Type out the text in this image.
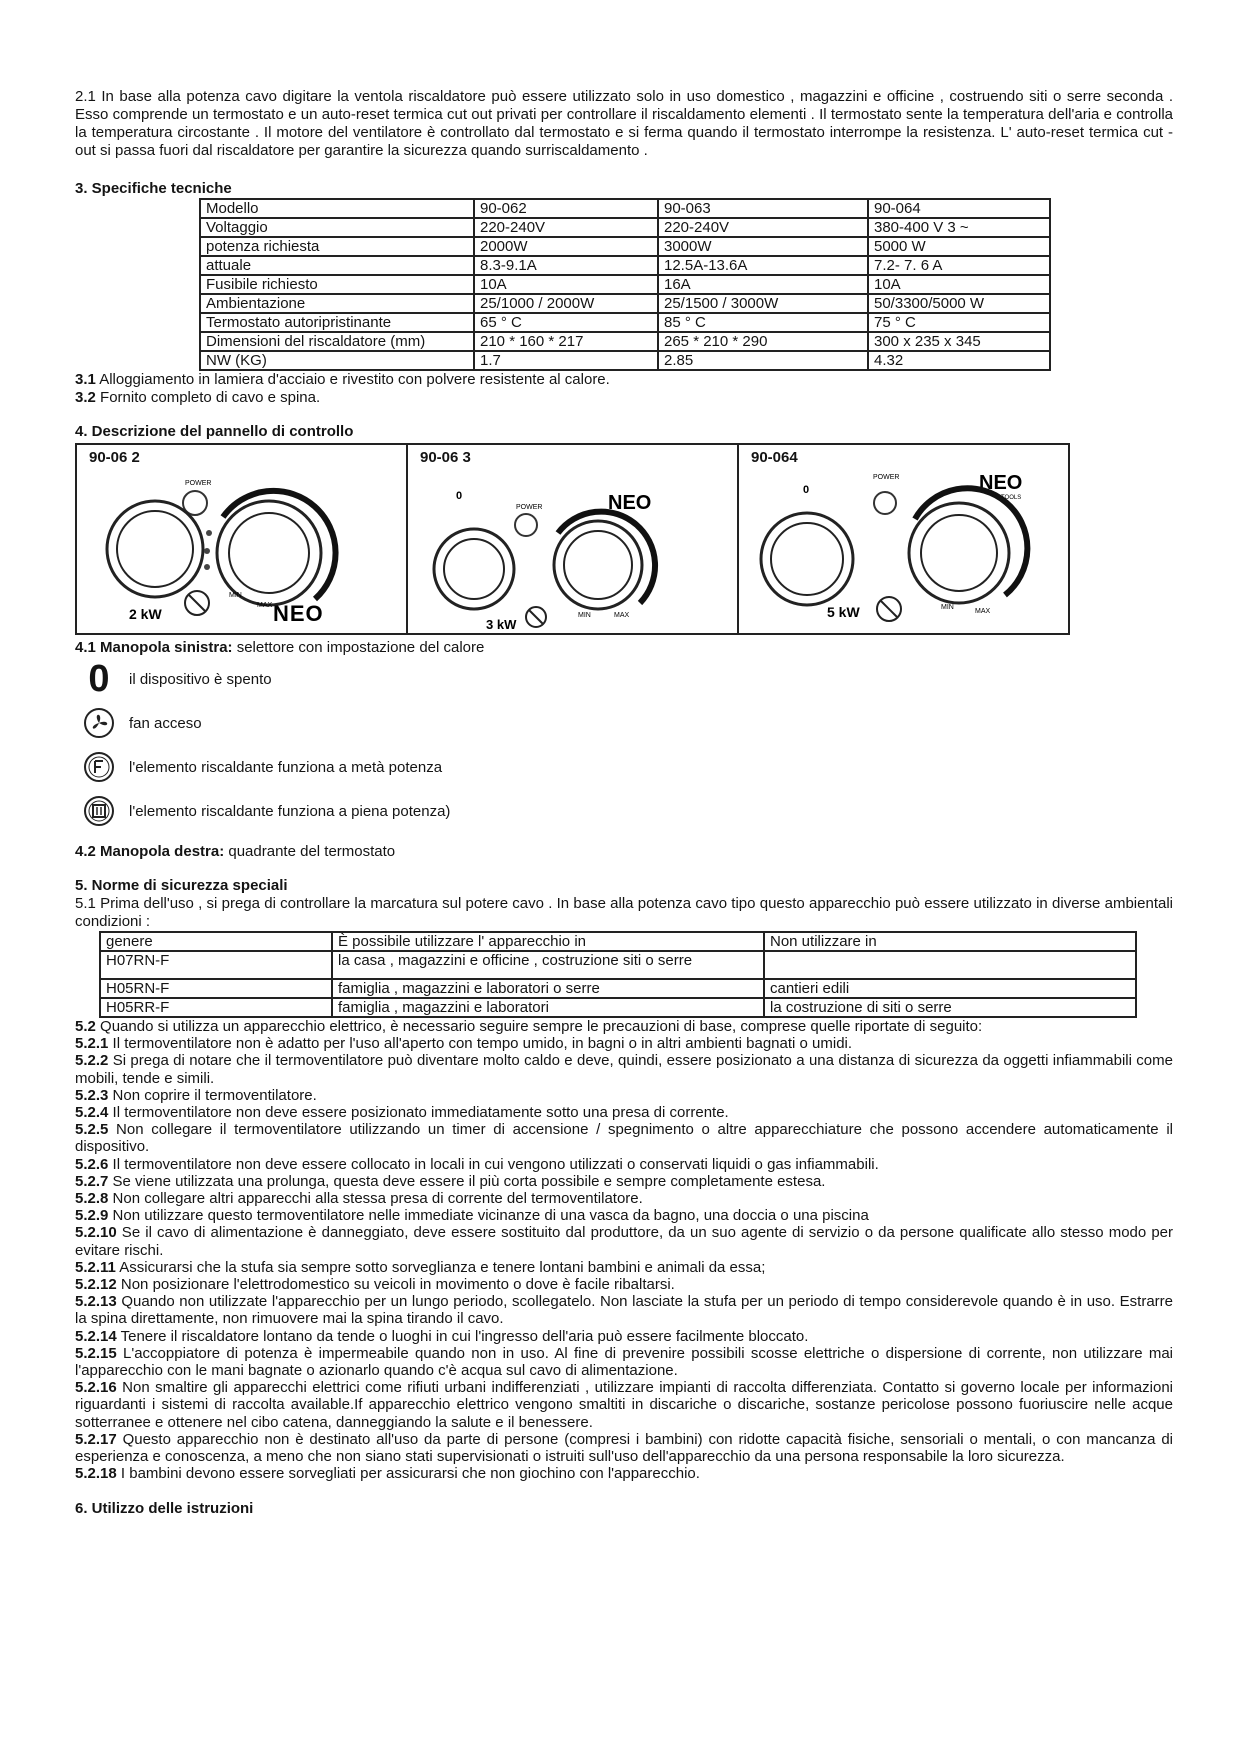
2.1 In base alla potenza cavo digitare la ventola riscaldatore può essere utilizzato solo in uso domestico , magazzini e officine , costruendo siti o serre seconda . Esso comprende un termostato e un auto-reset termica cut out privati per controllare il riscaldamento elementi . Il termostato sente la temperatura dell'aria e controlla la temperatura circostante . Il motore del ventilatore è controllato dal termostato e si ferma quando il termostato interrompe la resistenza. L' auto-reset termica cut -out si passa fuori dal riscaldatore per garantire la sicurezza quando surriscaldamento .

3. Specifiche tecniche

Modello	90-062	90-063	90-064
Voltaggio	220-240V	220-240V	380-400 V 3 ~
potenza richiesta	2000W	3000W	5000 W
attuale	8.3-9.1A	12.5A-13.6A	7.2- 7. 6 A
Fusibile richiesto	10A	16A	10A
Ambientazione	25/1000 / 2000W	25/1500 / 3000W	50/3300/5000 W
Termostato autoripristinante	65 ° C	85 ° C	75 ° C
Dimensioni del riscaldatore (mm)	210 * 160 * 217	265 * 210 * 290	300 x 235 x 345
NW (KG)	1.7	2.85	4.32

3.1 Alloggiamento in lamiera d'acciaio e rivestito con polvere resistente al calore.

3.2 Fornito completo di cavo e spina.

4. Descrizione del pannello di controllo

90-06 2
POWER
MIN
MAX
2 kW	NEO
90-06 3
0
POWER	NEO
MIN	MAX
3 kW
90-064
0
POWER	NEO
TOOLS
MIN
MAX
5 kW

4.1 Manopola sinistra: selettore con impostazione del calore

0 il dispositivo è spento
fan acceso
l'elemento riscaldante funziona a metà potenza
l'elemento riscaldante funziona a piena potenza)

4.2 Manopola destra: quadrante del termostato

5. Norme di sicurezza speciali

5.1 Prima dell'uso , si prega di controllare la marcatura sul potere cavo . In base alla potenza cavo tipo questo apparecchio può essere utilizzato in diverse ambientali condizioni :

genere	È possibile utilizzare l' apparecchio in	Non utilizzare in
H07RN-F	la casa , magazzini e officine , costruzione siti o serre	
H05RN-F	famiglia , magazzini e laboratori o serre	cantieri edili
H05RR-F	famiglia , magazzini e laboratori	la costruzione di siti o serre

5.2 Quando si utilizza un apparecchio elettrico, è necessario seguire sempre le precauzioni di base, comprese quelle riportate di seguito:

5.2.1 Il termoventilatore non è adatto per l'uso all'aperto con tempo umido, in bagni o in altri ambienti bagnati o umidi.

5.2.2 Si prega di notare che il termoventilatore può diventare molto caldo e deve, quindi, essere posizionato a una distanza di sicurezza da oggetti infiammabili come mobili, tende e simili.

5.2.3 Non coprire il termoventilatore.

5.2.4 Il termoventilatore non deve essere posizionato immediatamente sotto una presa di corrente.

5.2.5 Non collegare il termoventilatore utilizzando un timer di accensione / spegnimento o altre apparecchiature che possono accendere automaticamente il dispositivo.

5.2.6 Il termoventilatore non deve essere collocato in locali in cui vengono utilizzati o conservati liquidi o gas infiammabili.

5.2.7 Se viene utilizzata una prolunga, questa deve essere il più corta possibile e sempre completamente estesa.

5.2.8 Non collegare altri apparecchi alla stessa presa di corrente del termoventilatore.

5.2.9 Non utilizzare questo termoventilatore nelle immediate vicinanze di una vasca da bagno, una doccia o una piscina

5.2.10 Se il cavo di alimentazione è danneggiato, deve essere sostituito dal produttore, da un suo agente di servizio o da persone qualificate allo stesso modo per evitare rischi.

5.2.11 Assicurarsi che la stufa sia sempre sotto sorveglianza e tenere lontani bambini e animali da essa;

5.2.12 Non posizionare l'elettrodomestico su veicoli in movimento o dove è facile ribaltarsi.

5.2.13 Quando non utilizzate l'apparecchio per un lungo periodo, scollegatelo. Non lasciate la stufa per un periodo di tempo considerevole quando è in uso. Estrarre la spina direttamente, non rimuovere mai la spina tirando il cavo.

5.2.14 Tenere il riscaldatore lontano da tende o luoghi in cui l'ingresso dell'aria può essere facilmente bloccato.

5.2.15 L'accoppiatore di potenza è impermeabile quando non in uso. Al fine di prevenire possibili scosse elettriche o dispersione di corrente, non utilizzare mai l'apparecchio con le mani bagnate o azionarlo quando c'è acqua sul cavo di alimentazione.

5.2.16 Non smaltire gli apparecchi elettrici come rifiuti urbani indifferenziati , utilizzare impianti di raccolta differenziata. Contatto si governo locale per informazioni riguardanti i sistemi di raccolta available.If apparecchio elettrico vengono smaltiti in discariche o discariche, sostanze pericolose possono fuoriuscire nelle acque sotterranee e ottenere nel cibo catena, danneggiando la salute e il benessere.

5.2.17 Questo apparecchio non è destinato all'uso da parte di persone (compresi i bambini) con ridotte capacità fisiche, sensoriali o mentali, o con mancanza di esperienza e conoscenza, a meno che non siano stati supervisionati o istruiti sull'uso dell'apparecchio da una persona responsabile la loro sicurezza.

5.2.18 I bambini devono essere sorvegliati per assicurarsi che non giochino con l'apparecchio.

6. Utilizzo delle istruzioni
